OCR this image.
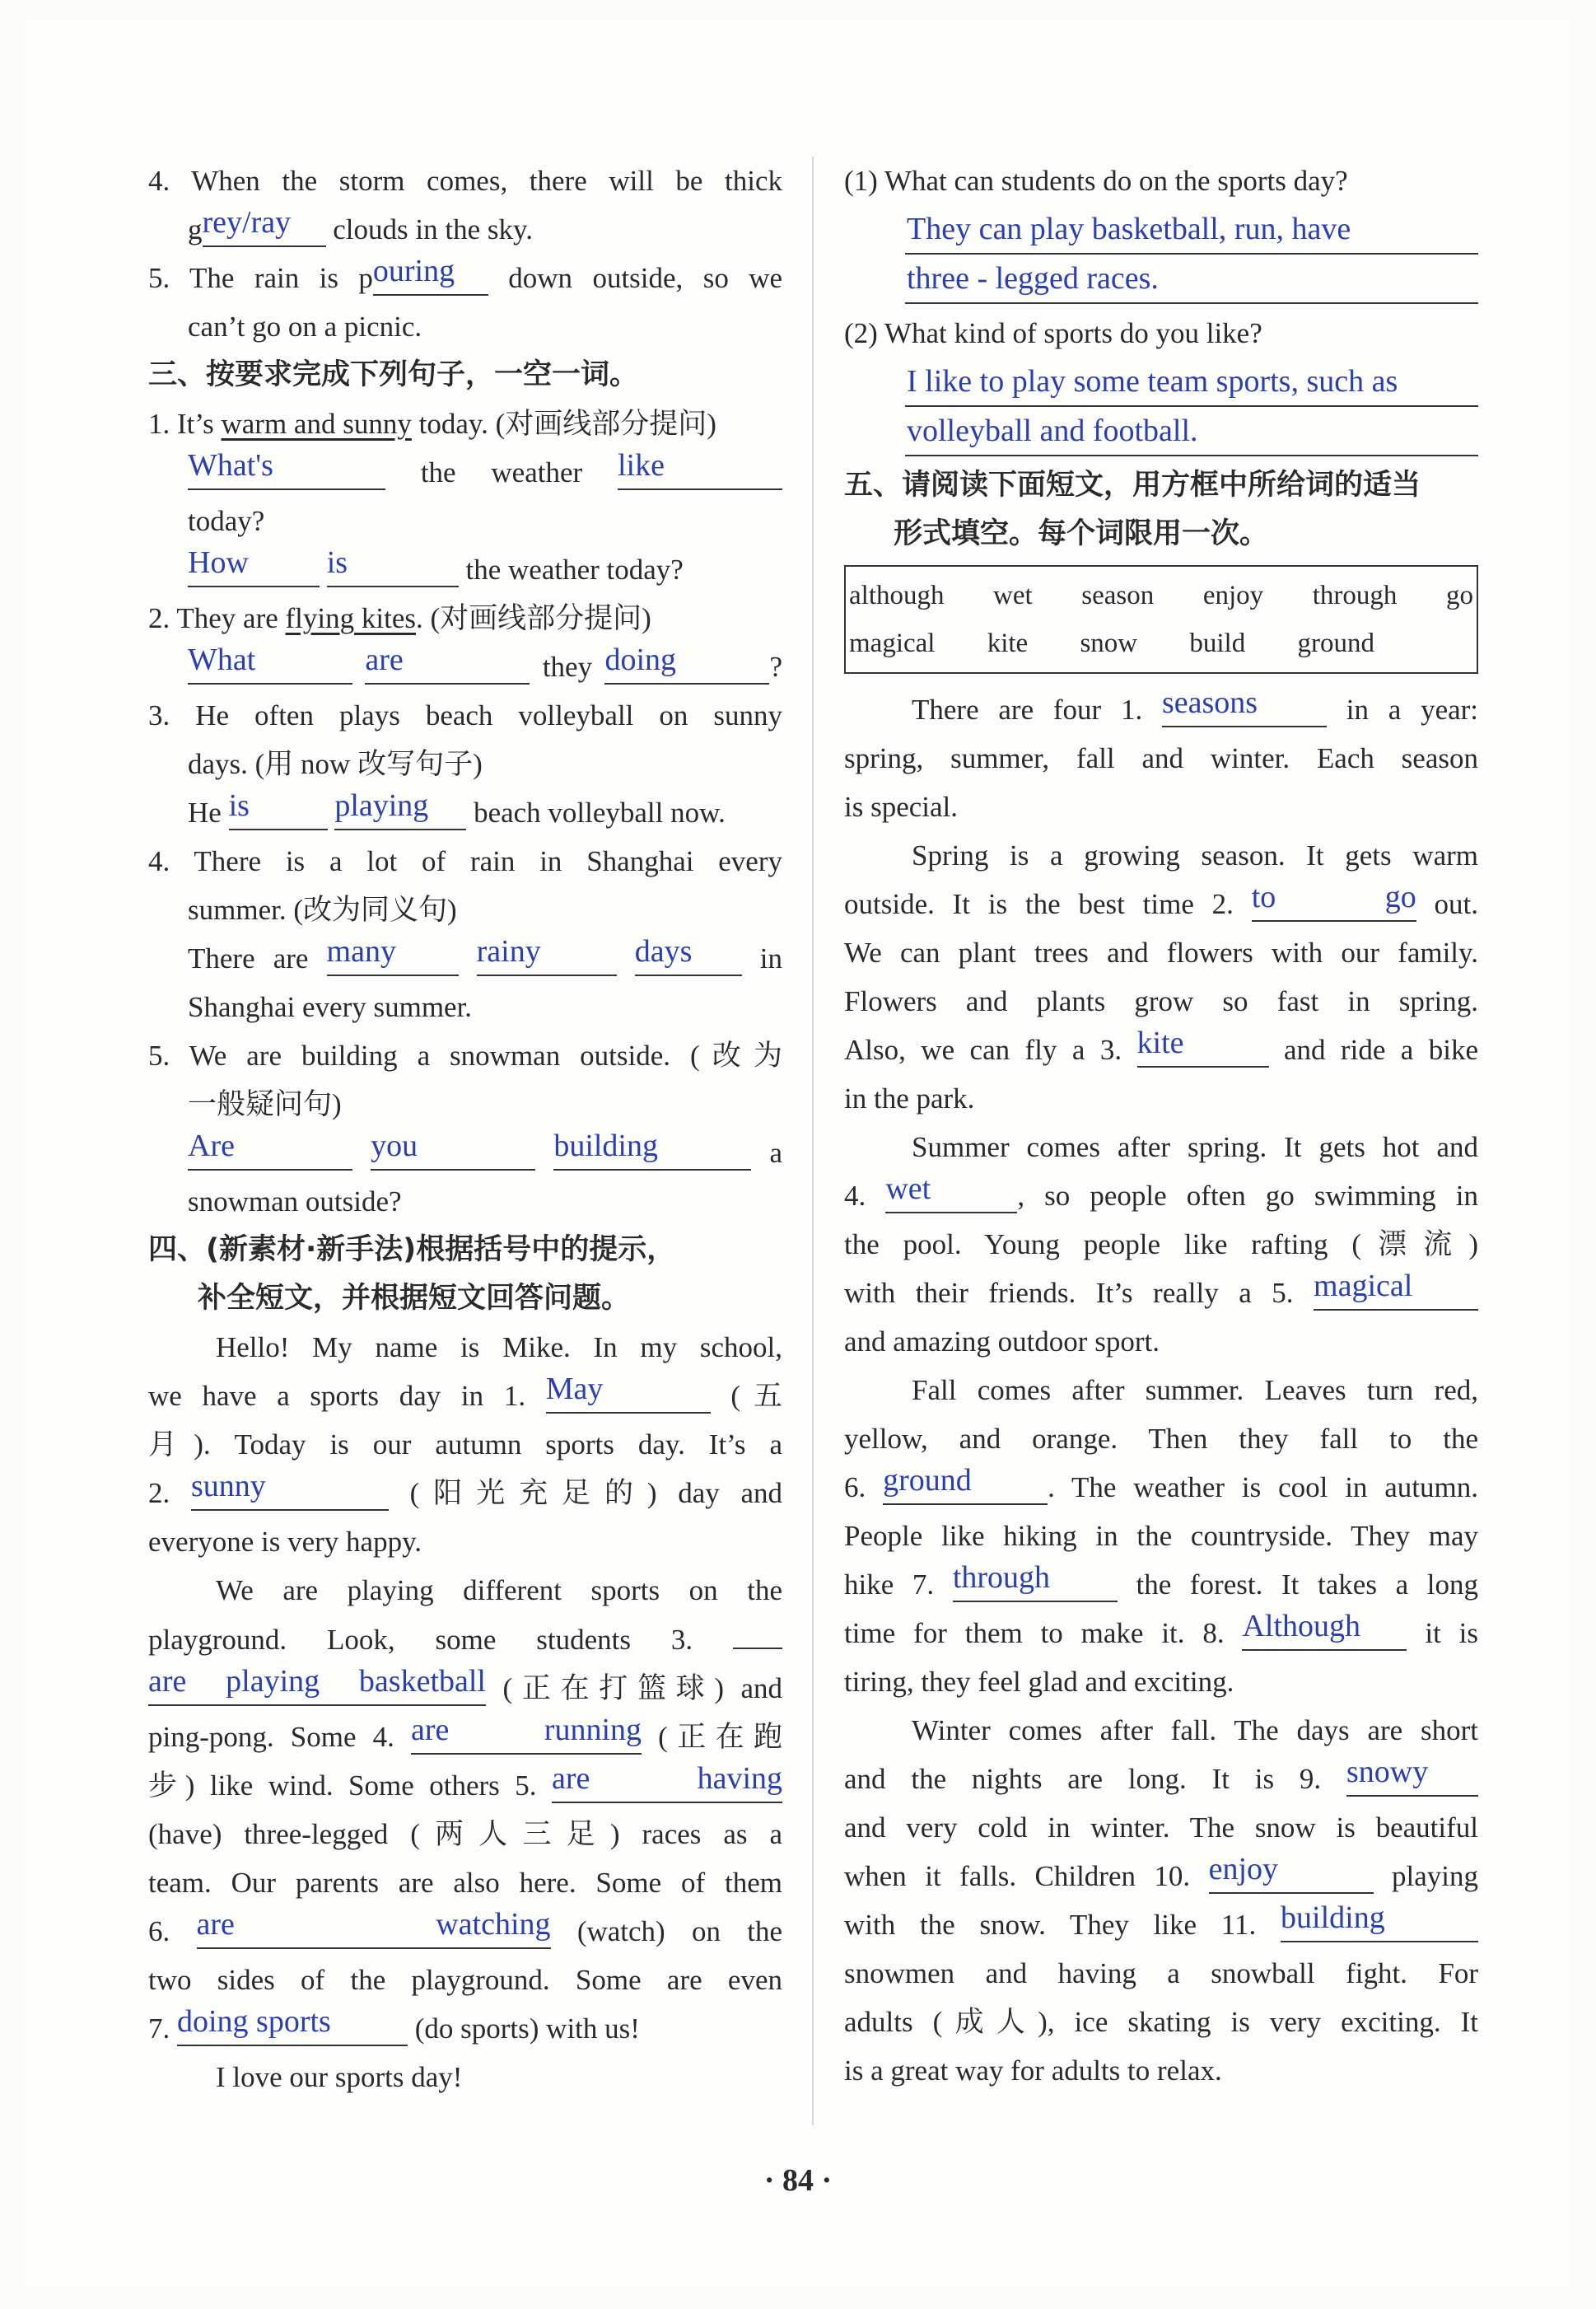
4. When the storm comes, there will be thick
grey/ray clouds in the sky.
5. The rain is pouring down outside, so we
can’t go on a picnic.
三、按要求完成下列句子，一空一词。
1. It’s warm and sunny today. (对画线部分提问)
What's	the weather like
today?
How is	the weather today?
2. They are flying kites. (对画线部分提问)
What	are	they doing	?
3. He often plays beach volleyball on sunny
days. (用 now 改写句子)
He is	playing beach volleyball now.
4. There is a lot of rain in Shanghai every
summer. (改为同义句)
There are many	rainy	days in
Shanghai every summer.
5. We are building a snowman outside. (改为
一般疑问句)
Are	you	building	a
snowman outside?
四、(新素材·新手法)根据括号中的提示，
补全短文，并根据短文回答问题。
Hello! My name is Mike. In my school,
we have a sports day in 1. May	(五
月). Today is our autumn sports day. It’s a
2. sunny	(阳光充足的) day and
everyone is very happy.
We are playing different sports on the
playground. Look, some students 3.
are playing basketball (正在打篮球) and
ping-pong. Some 4. are running (正在跑
步) like wind. Some others 5. are having
(have) three-legged (两人三足) races as a
team. Our parents are also here. Some of them
6. are watching (watch) on the
two sides of the playground. Some are even
7. doing sports	(do sports) with us!
I love our sports day!
(1) What can students do on the sports day?
They can play basketball, run, have
three - legged races.
(2) What kind of sports do you like?
I like to play some team sports, such as
volleyball and football.
五、请阅读下面短文，用方框中所给词的适当
形式填空。每个词限用一次。
although wet season enjoy through go
magical kite snow build ground
There are four 1. seasons	in a year:
spring, summer, fall and winter. Each season
is special.
Spring is a growing season. It gets warm
outside. It is the best time 2. to go out.
We can plant trees and flowers with our family.
Flowers and plants grow so fast in spring.
Also, we can fly a 3. kite	and ride a bike
in the park.
Summer comes after spring. It gets hot and
4. wet	, so people often go swimming in
the pool. Young people like rafting (漂流)
with their friends. It’s really a 5. magical
and amazing outdoor sport.
Fall comes after summer. Leaves turn red,
yellow, and orange. Then they fall to the
6. ground	. The weather is cool in autumn.
People like hiking in the countryside. They may
hike 7. through	the forest. It takes a long
time for them to make it. 8. Although it is
tiring, they feel glad and exciting.
Winter comes after fall. The days are short
and the nights are long. It is 9. snowy
and very cold in winter. The snow is beautiful
when it falls. Children 10. enjoy	playing
with the snow. They like 11. building
snowmen and having a snowball fight. For
adults (成人), ice skating is very exciting. It
is a great way for adults to relax.
· 84 ·
